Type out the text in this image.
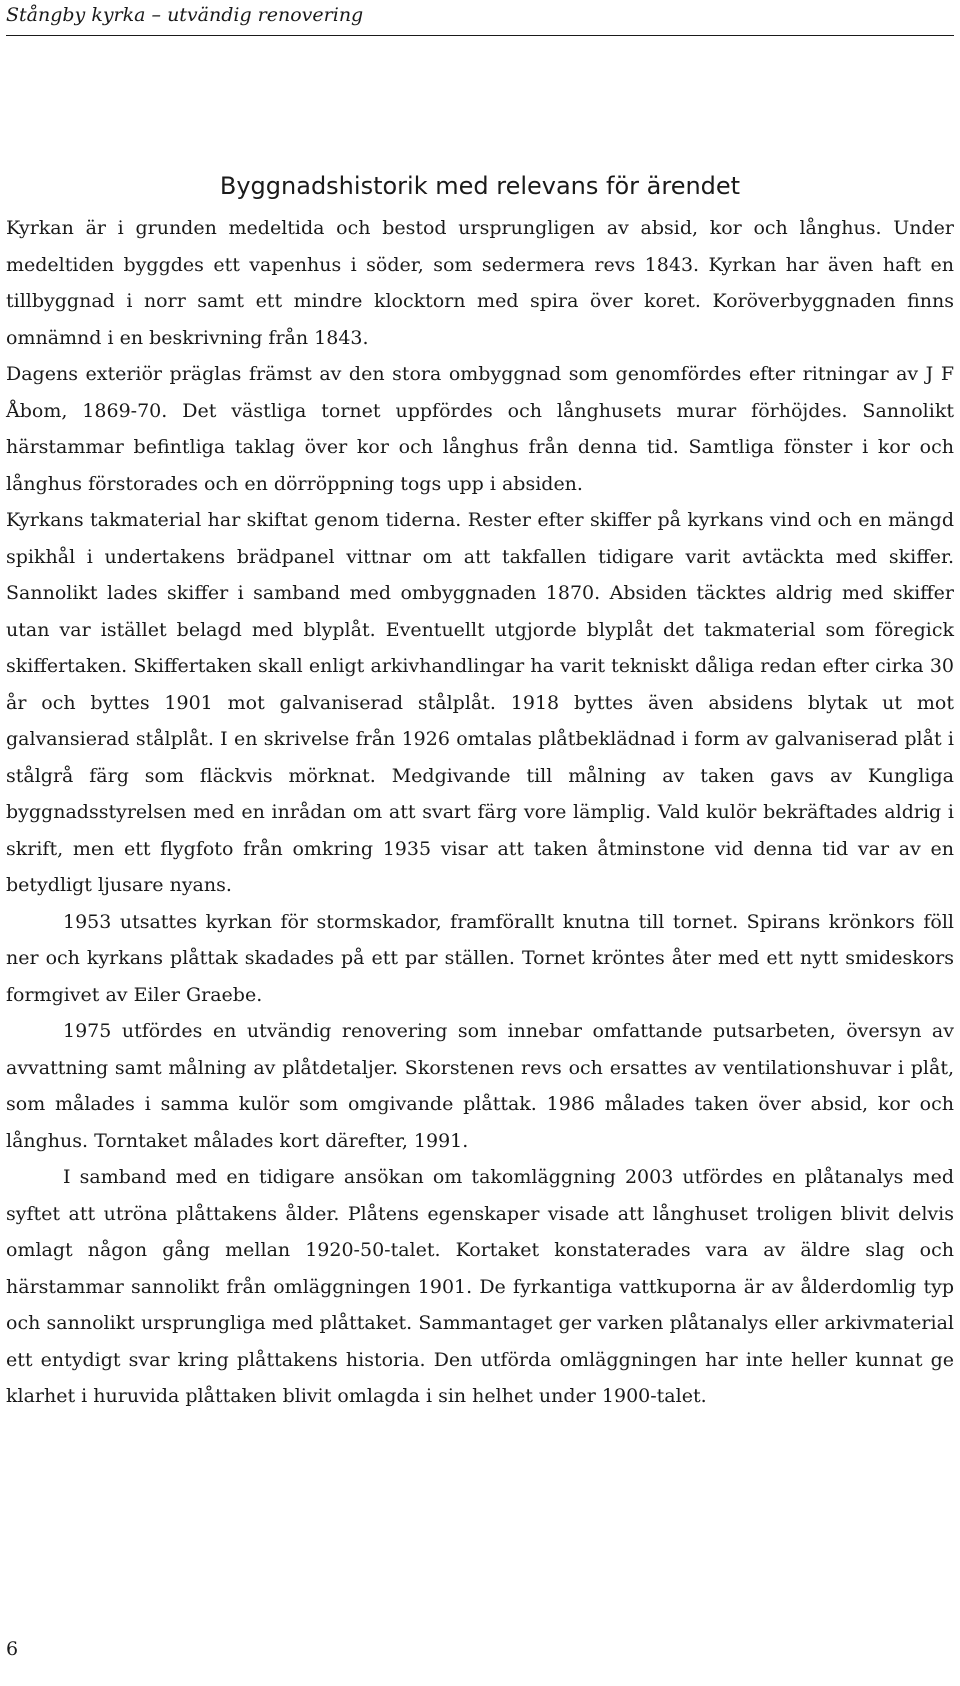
Stångby kyrka – utvändig renovering
Byggnadshistorik med relevans för ärendet

Kyrkan är i grunden medeltida och bestod ursprungligen av absid, kor och långhus. Under medeltiden byggdes ett vapenhus i söder, som sedermera revs 1843. Kyrkan har även haft en tillbyggnad i norr samt ett mindre klocktorn med spira över koret. Koröverbyggnaden finns omnämnd i en beskrivning från 1843.

Dagens exteriör präglas främst av den stora ombyggnad som genomfördes efter ritningar av J F Åbom, 1869-70. Det västliga tornet uppfördes och långhusets murar förhöjdes. Sannolikt härstammar befintliga taklag över kor och långhus från denna tid. Samtliga fönster i kor och långhus förstorades och en dörröppning togs upp i absiden.

Kyrkans takmaterial har skiftat genom tiderna. Rester efter skiffer på kyrkans vind och en mängd spikhål i undertakens brädpanel vittnar om att takfallen tidigare varit avtäckta med skiffer. Sannolikt lades skiffer i samband med ombyggnaden 1870. Absiden täcktes aldrig med skiffer utan var istället belagd med blyplåt. Eventuellt utgjorde blyplåt det takmaterial som föregick skiffertaken. Skiffertaken skall enligt arkivhandlingar ha varit tekniskt dåliga redan efter cirka 30 år och byttes 1901 mot galvaniserad stålplåt. 1918 byttes även absidens blytak ut mot galvansierad stålplåt. I en skrivelse från 1926 omtalas plåtbeklädnad i form av galvaniserad plåt i stålgrå färg som fläckvis mörknat. Medgivande till målning av taken gavs av Kungliga byggnadsstyrelsen med en inrådan om att svart färg vore lämplig. Vald kulör bekräftades aldrig i skrift, men ett flygfoto från omkring 1935 visar att taken åtminstone vid denna tid var av en betydligt ljusare nyans.

1953 utsattes kyrkan för stormskador, framförallt knutna till tornet. Spirans krönkors föll ner och kyrkans plåttak skadades på ett par ställen. Tornet kröntes åter med ett nytt smideskors formgivet av Eiler Graebe.

1975 utfördes en utvändig renovering som innebar omfattande putsarbeten, översyn av avvattning samt målning av plåtdetaljer. Skorstenen revs och ersattes av ventilationshuvar i plåt, som målades i samma kulör som omgivande plåttak. 1986 målades taken över absid, kor och långhus. Torntaket målades kort därefter, 1991.

I samband med en tidigare ansökan om takomläggning 2003 utfördes en plåtanalys med syftet att utröna plåttakens ålder. Plåtens egenskaper visade att långhuset troligen blivit delvis omlagt någon gång mellan 1920-50-talet. Kortaket konstaterades vara av äldre slag och härstammar sannolikt från omläggningen 1901. De fyrkantiga vattkuporna är av ålderdomlig typ och sannolikt ursprungliga med plåttaket. Sammantaget ger varken plåtanalys eller arkivmaterial ett entydigt svar kring plåttakens historia. Den utförda omläggningen har inte heller kunnat ge klarhet i huruvida plåttaken blivit omlagda i sin helhet under 1900-talet.

6
